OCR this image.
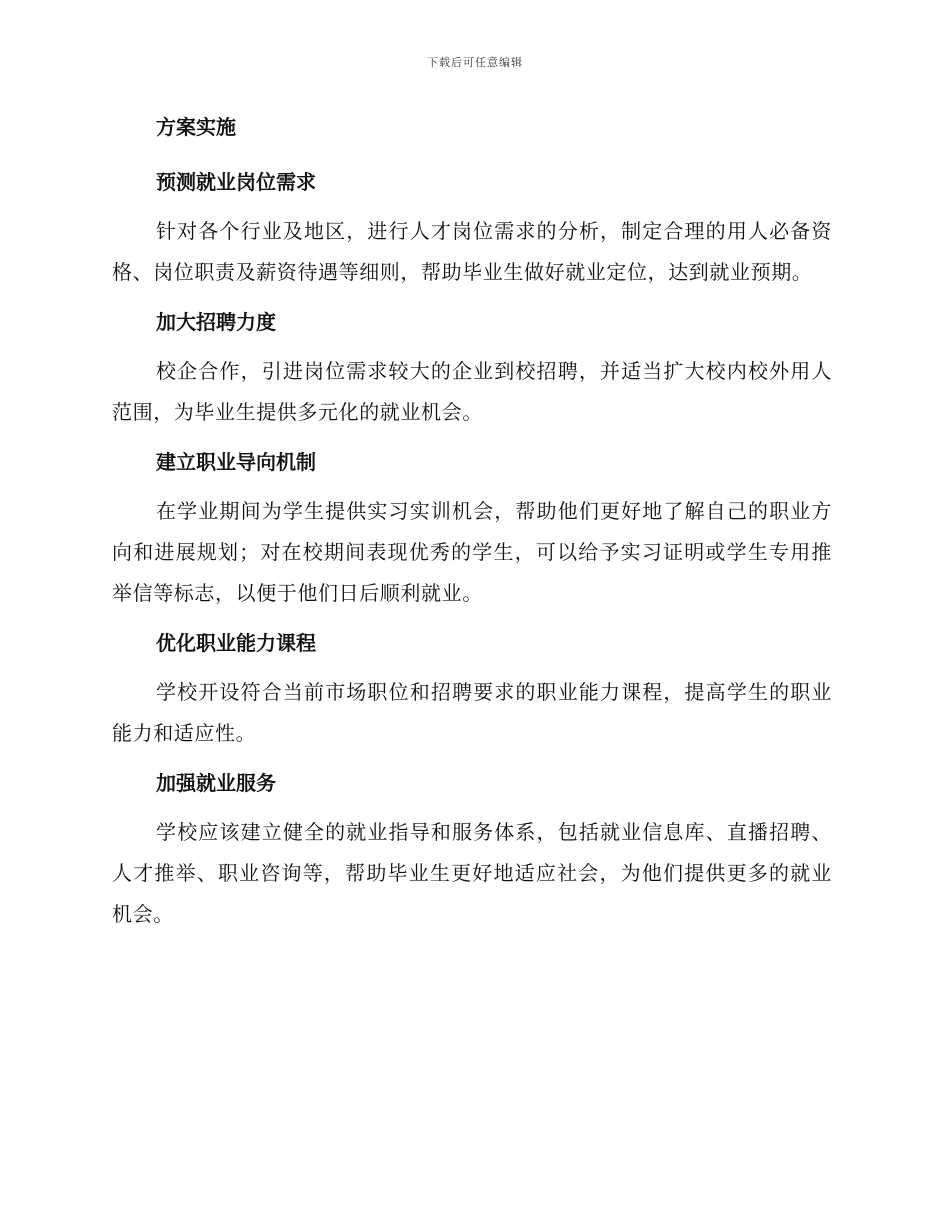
下载后可任意编辑
方案实施
预测就业岗位需求

针对各个行业及地区，进行人才岗位需求的分析，制定合理的用人必备资格、岗位职责及薪资待遇等细则，帮助毕业生做好就业定位，达到就业预期。

加大招聘力度

校企合作，引进岗位需求较大的企业到校招聘，并适当扩大校内校外用人范围，为毕业生提供多元化的就业机会。

建立职业导向机制

在学业期间为学生提供实习实训机会，帮助他们更好地了解自己的职业方向和进展规划；对在校期间表现优秀的学生，可以给予实习证明或学生专用推举信等标志，以便于他们日后顺利就业。

优化职业能力课程

学校开设符合当前市场职位和招聘要求的职业能力课程，提高学生的职业能力和适应性。

加强就业服务

学校应该建立健全的就业指导和服务体系，包括就业信息库、直播招聘、人才推举、职业咨询等，帮助毕业生更好地适应社会，为他们提供更多的就业机会。
